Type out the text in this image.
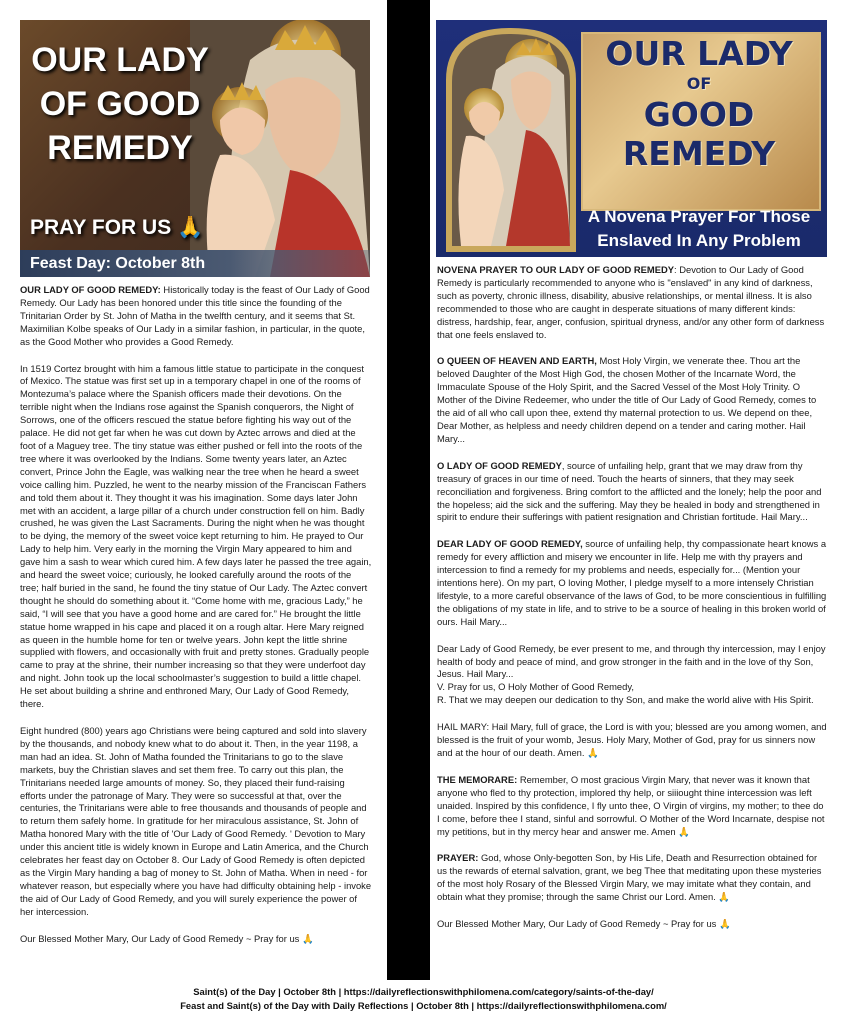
OUR LADY OF GOOD REMEDY
PRAY FOR US 🙏
Feast Day: October 8th

OUR LADY OF GOOD REMEDY: Historically today is the feast of Our Lady of Good Remedy. Our Lady has been honored under this title since the founding of the Trinitarian Order by St. John of Matha in the twelfth century, and it seems that St. Maximilian Kolbe speaks of Our Lady in a similar fashion, in particular, in the quote, as the Good Mother who provides a Good Remedy.

In 1519 Cortez brought with him a famous little statue to participate in the conquest of Mexico. The statue was first set up in a temporary chapel in one of the rooms of Montezuma’s palace where the Spanish officers made their devotions. On the terrible night when the Indians rose against the Spanish conquerors, the Night of Sorrows, one of the officers rescued the statue before fighting his way out of the palace. He did not get far when he was cut down by Aztec arrows and died at the foot of a Maguey tree. The tiny statue was either pushed or fell into the roots of the tree where it was overlooked by the Indians. Some twenty years later, an Aztec convert, Prince John the Eagle, was walking near the tree when he heard a sweet voice calling him. Puzzled, he went to the nearby mission of the Franciscan Fathers and told them about it. They thought it was his imagination. Some days later John met with an accident, a large pillar of a church under construction fell on him. Badly crushed, he was given the Last Sacraments. During the night when he was thought to be dying, the memory of the sweet voice kept returning to him. He prayed to Our Lady to help him. Very early in the morning the Virgin Mary appeared to him and gave him a sash to wear which cured him. A few days later he passed the tree again, and heard the sweet voice; curiously, he looked carefully around the roots of the tree; half buried in the sand, he found the tiny statue of Our Lady. The Aztec convert thought he should do something about it. “Come home with me, gracious Lady,” he said, “I will see that you have a good home and are cared for.” He brought the little statue home wrapped in his cape and placed it on a rough altar. Here Mary reigned as queen in the humble home for ten or twelve years. John kept the little shrine supplied with flowers, and occasionally with fruit and pretty stones. Gradually people came to pray at the shrine, their number increasing so that they were underfoot day and night. John took up the local schoolmaster’s suggestion to build a little chapel. He set about building a shrine and enthroned Mary, Our Lady of Good Remedy, there.

Eight hundred (800) years ago Christians were being captured and sold into slavery by the thousands, and nobody knew what to do about it. Then, in the year 1198, a man had an idea. St. John of Matha founded the Trinitarians to go to the slave markets, buy the Christian slaves and set them free. To carry out this plan, the Trinitarians needed large amounts of money. So, they placed their fund-raising efforts under the patronage of Mary. They were so successful at that, over the centuries, the Trinitarians were able to free thousands and thousands of people and to return them safely home. In gratitude for her miraculous assistance, St. John of Matha honored Mary with the title of 'Our Lady of Good Remedy. ' Devotion to Mary under this ancient title is widely known in Europe and Latin America, and the Church celebrates her feast day on October 8. Our Lady of Good Remedy is often depicted as the Virgin Mary handing a bag of money to St. John of Matha. When in need - for whatever reason, but especially where you have had difficulty obtaining help - invoke the aid of Our Lady of Good Remedy, and you will surely experience the power of her intercession.

Our Blessed Mother Mary, Our Lady of Good Remedy ~ Pray for us 🙏

OUR LADY
OF
GOOD
REMEDY
A Novena Prayer For Those Enslaved In Any Problem

NOVENA PRAYER TO OUR LADY OF GOOD REMEDY: Devotion to Our Lady of Good Remedy is particularly recommended to anyone who is "enslaved" in any kind of darkness, such as poverty, chronic illness, disability, abusive relationships, or mental illness. It is also recommended to those who are caught in desperate situations of many different kinds: distress, hardship, fear, anger, confusion, spiritual dryness, and/or any other form of darkness that one feels enslaved to.

O QUEEN OF HEAVEN AND EARTH, Most Holy Virgin, we venerate thee. Thou art the beloved Daughter of the Most High God, the chosen Mother of the Incarnate Word, the Immaculate Spouse of the Holy Spirit, and the Sacred Vessel of the Most Holy Trinity. O Mother of the Divine Redeemer, who under the title of Our Lady of Good Remedy, comes to the aid of all who call upon thee, extend thy maternal protection to us. We depend on thee, Dear Mother, as helpless and needy children depend on a tender and caring mother. Hail Mary...

O LADY OF GOOD REMEDY, source of unfailing help, grant that we may draw from thy treasury of graces in our time of need. Touch the hearts of sinners, that they may seek reconciliation and forgiveness. Bring comfort to the afflicted and the lonely; help the poor and the hopeless; aid the sick and the suffering. May they be healed in body and strengthened in spirit to endure their sufferings with patient resignation and Christian fortitude. Hail Mary...

DEAR LADY OF GOOD REMEDY, source of unfailing help, thy compassionate heart knows a remedy for every affliction and misery we encounter in life. Help me with thy prayers and intercession to find a remedy for my problems and needs, especially for... (Mention your intentions here). On my part, O loving Mother, I pledge myself to a more intensely Christian lifestyle, to a more careful observance of the laws of God, to be more conscientious in fulfilling the obligations of my state in life, and to strive to be a source of healing in this broken world of ours. Hail Mary...

Dear Lady of Good Remedy, be ever present to me, and through thy intercession, may I enjoy health of body and peace of mind, and grow stronger in the faith and in the love of thy Son, Jesus. Hail Mary...
V. Pray for us, O Holy Mother of Good Remedy,
R. That we may deepen our dedication to thy Son, and make the world alive with His Spirit.

HAIL MARY: Hail Mary, full of grace, the Lord is with you; blessed are you among women, and blessed is the fruit of your womb, Jesus. Holy Mary, Mother of God, pray for us sinners now and at the hour of our death. Amen. 🙏

THE MEMORARE: Remember, O most gracious Virgin Mary, that never was it known that anyone who fled to thy protection, implored thy help, or siiiought thine intercession was left unaided. Inspired by this confidence, I fly unto thee, O Virgin of virgins, my mother; to thee do I come, before thee I stand, sinful and sorrowful. O Mother of the Word Incarnate, despise not my petitions, but in thy mercy hear and answer me. Amen 🙏

PRAYER: God, whose Only-begotten Son, by His Life, Death and Resurrection obtained for us the rewards of eternal salvation, grant, we beg Thee that meditating upon these mysteries of the most holy Rosary of the Blessed Virgin Mary, we may imitate what they contain, and obtain what they promise; through the same Christ our Lord. Amen. 🙏

Our Blessed Mother Mary, Our Lady of Good Remedy ~ Pray for us 🙏

Saint(s) of the Day | October 8th | https://dailyreflectionswithphilomena.com/category/saints-of-the-day/
Feast and Saint(s) of the Day with Daily Reflections | October 8th | https://dailyreflectionswithphilomena.com/
